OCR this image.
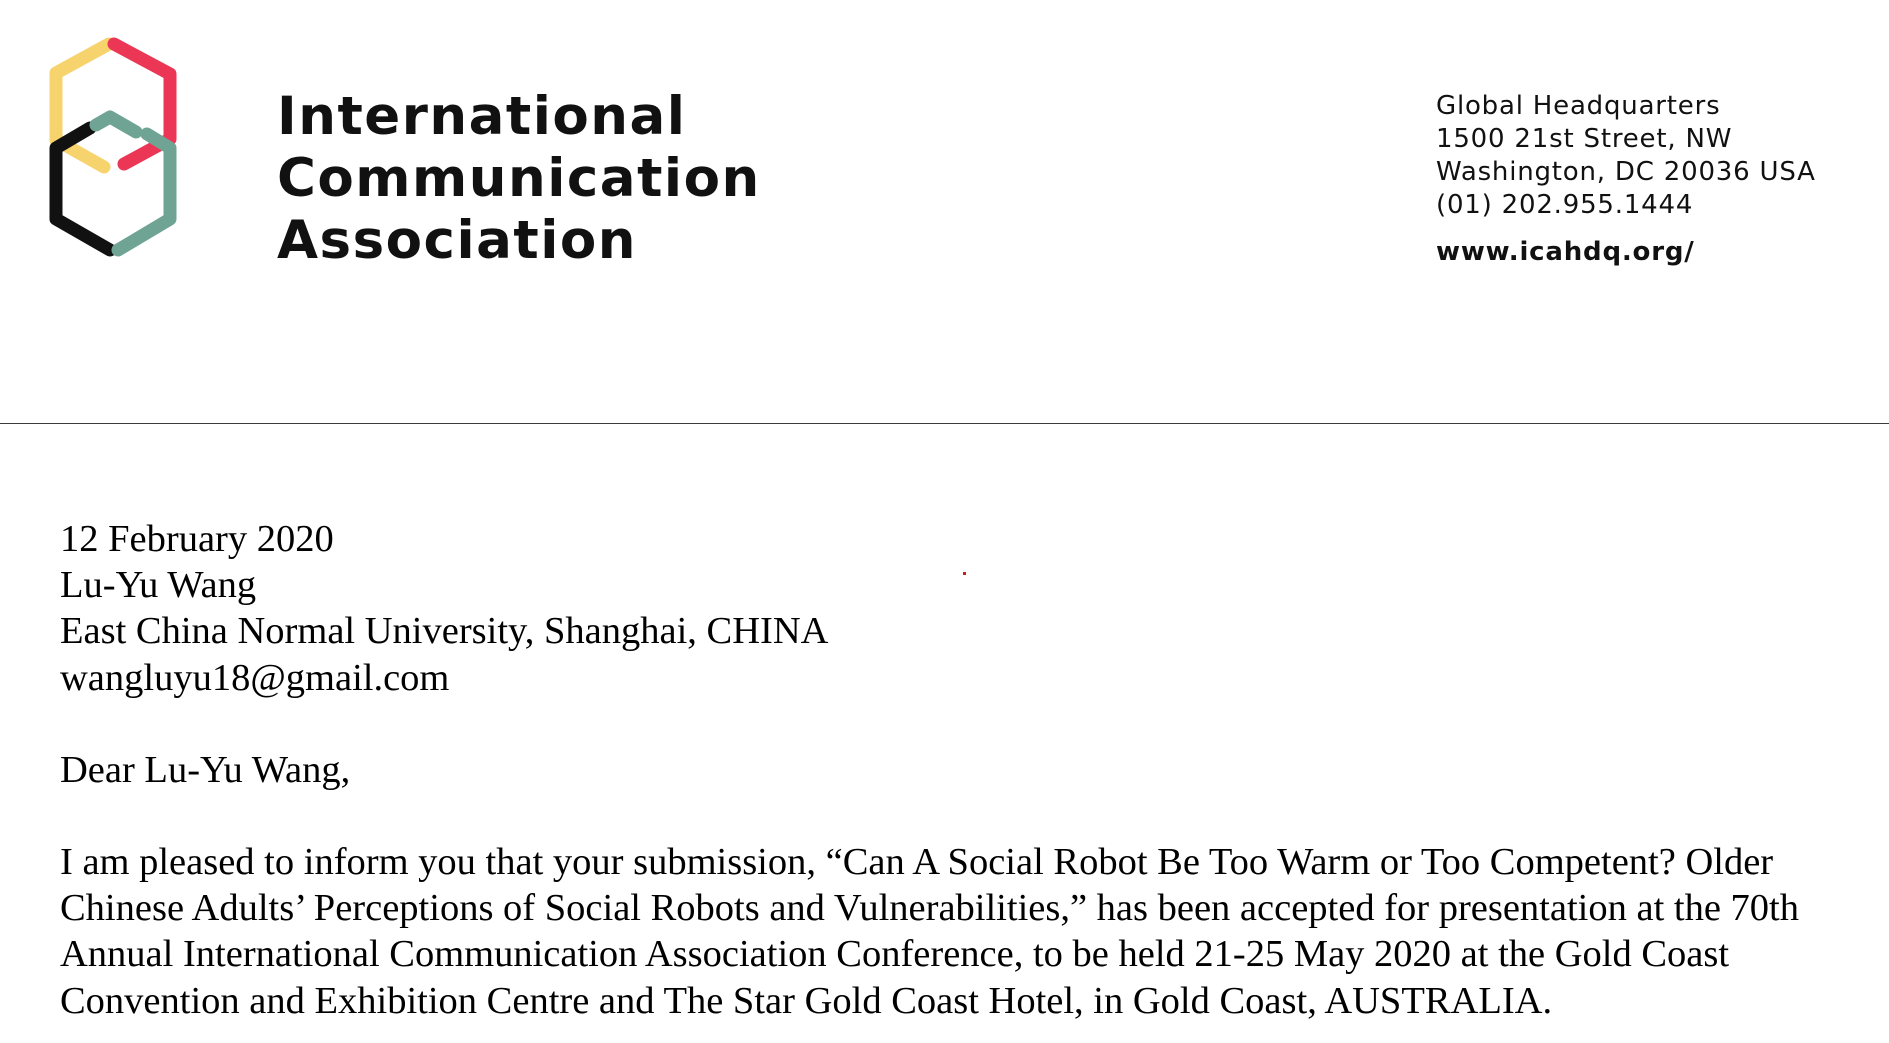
International
Communication
Association
Global Headquarters
1500 21st Street, NW
Washington, DC 20036 USA
(01) 202.955.1444
www.icahdq.org/
12 February 2020
Lu-Yu Wang
East China Normal University, Shanghai, CHINA
wangluyu18@gmail.com
Dear Lu-Yu Wang,
I am pleased to inform you that your submission, “Can A Social Robot Be Too Warm or Too Competent? Older
Chinese Adults’ Perceptions of Social Robots and Vulnerabilities,” has been accepted for presentation at the 70th
Annual International Communication Association Conference, to be held 21-25 May 2020 at the Gold Coast
Convention and Exhibition Centre and The Star Gold Coast Hotel, in Gold Coast, AUSTRALIA.
